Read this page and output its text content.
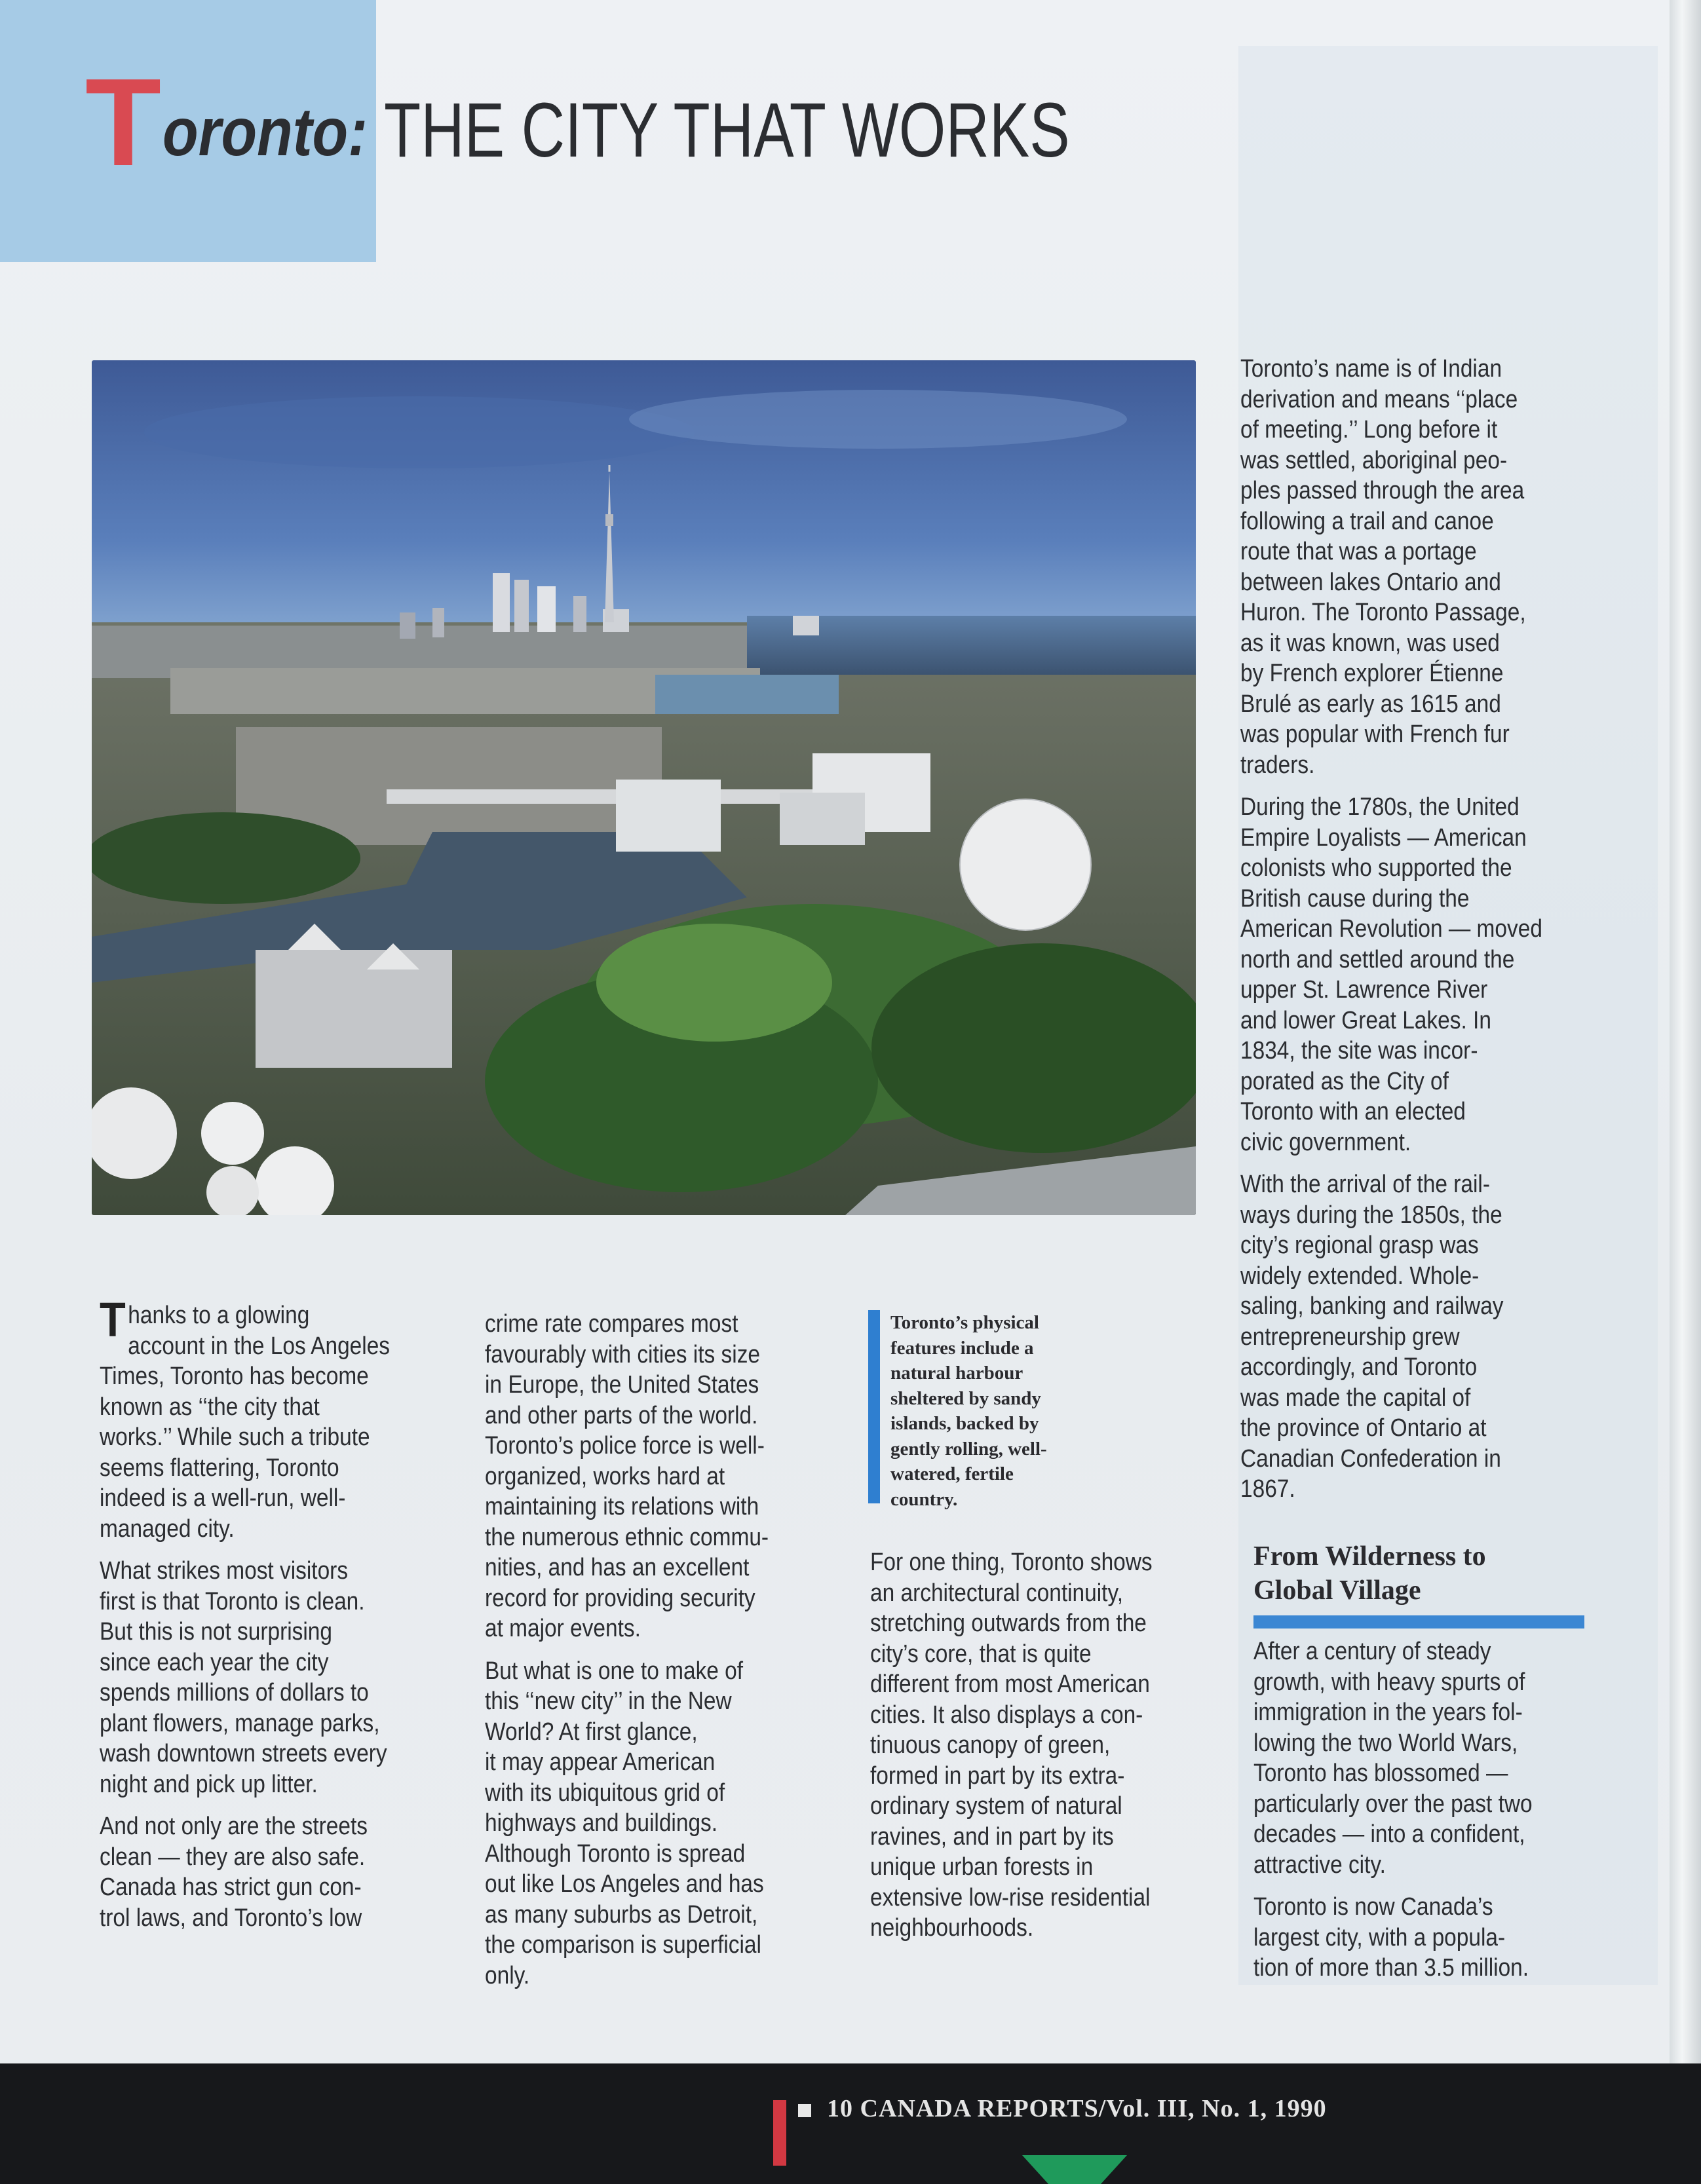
T oronto: THE CITY THAT WORKS

Thanks to a glowing
account in the Los Angeles
Times, Toronto has become
known as ‘‘the city that
works.’’ While such a tribute
seems flattering, Toronto
indeed is a well-run, well-
managed city.

What strikes most visitors
first is that Toronto is clean.
But this is not surprising
since each year the city
spends millions of dollars to
plant flowers, manage parks,
wash downtown streets every
night and pick up litter.

And not only are the streets
clean — they are also safe.
Canada has strict gun con-
trol laws, and Toronto’s low

crime rate compares most
favourably with cities its size
in Europe, the United States
and other parts of the world.
Toronto’s police force is well-
organized, works hard at
maintaining its relations with
the numerous ethnic commu-
nities, and has an excellent
record for providing security
at major events.

But what is one to make of
this ‘‘new city’’ in the New
World? At first glance,
it may appear American
with its ubiquitous grid of
highways and buildings.
Although Toronto is spread
out like Los Angeles and has
as many suburbs as Detroit,
the comparison is superficial
only.

Toronto’s physical
features include a
natural harbour
sheltered by sandy
islands, backed by
gently rolling, well-
watered, fertile
country.

For one thing, Toronto shows
an architectural continuity,
stretching outwards from the
city’s core, that is quite
different from most American
cities. It also displays a con-
tinuous canopy of green,
formed in part by its extra-
ordinary system of natural
ravines, and in part by its
unique urban forests in
extensive low-rise residential
neighbourhoods.

Toronto’s name is of Indian
derivation and means ‘‘place
of meeting.’’ Long before it
was settled, aboriginal peo-
ples passed through the area
following a trail and canoe
route that was a portage
between lakes Ontario and
Huron. The Toronto Passage,
as it was known, was used
by French explorer Étienne
Brulé as early as 1615 and
was popular with French fur
traders.

During the 1780s, the United
Empire Loyalists — American
colonists who supported the
British cause during the
American Revolution — moved
north and settled around the
upper St. Lawrence River
and lower Great Lakes. In
1834, the site was incor-
porated as the City of
Toronto with an elected
civic government.

With the arrival of the rail-
ways during the 1850s, the
city’s regional grasp was
widely extended. Whole-
saling, banking and railway
entrepreneurship grew
accordingly, and Toronto
was made the capital of
the province of Ontario at
Canadian Confederation in
1867.

From Wilderness to
Global Village

After a century of steady
growth, with heavy spurts of
immigration in the years fol-
lowing the two World Wars,
Toronto has blossomed —
particularly over the past two
decades — into a confident,
attractive city.

Toronto is now Canada’s
largest city, with a popula-
tion of more than 3.5 million.

10 CANADA REPORTS/Vol. III, No. 1, 1990
